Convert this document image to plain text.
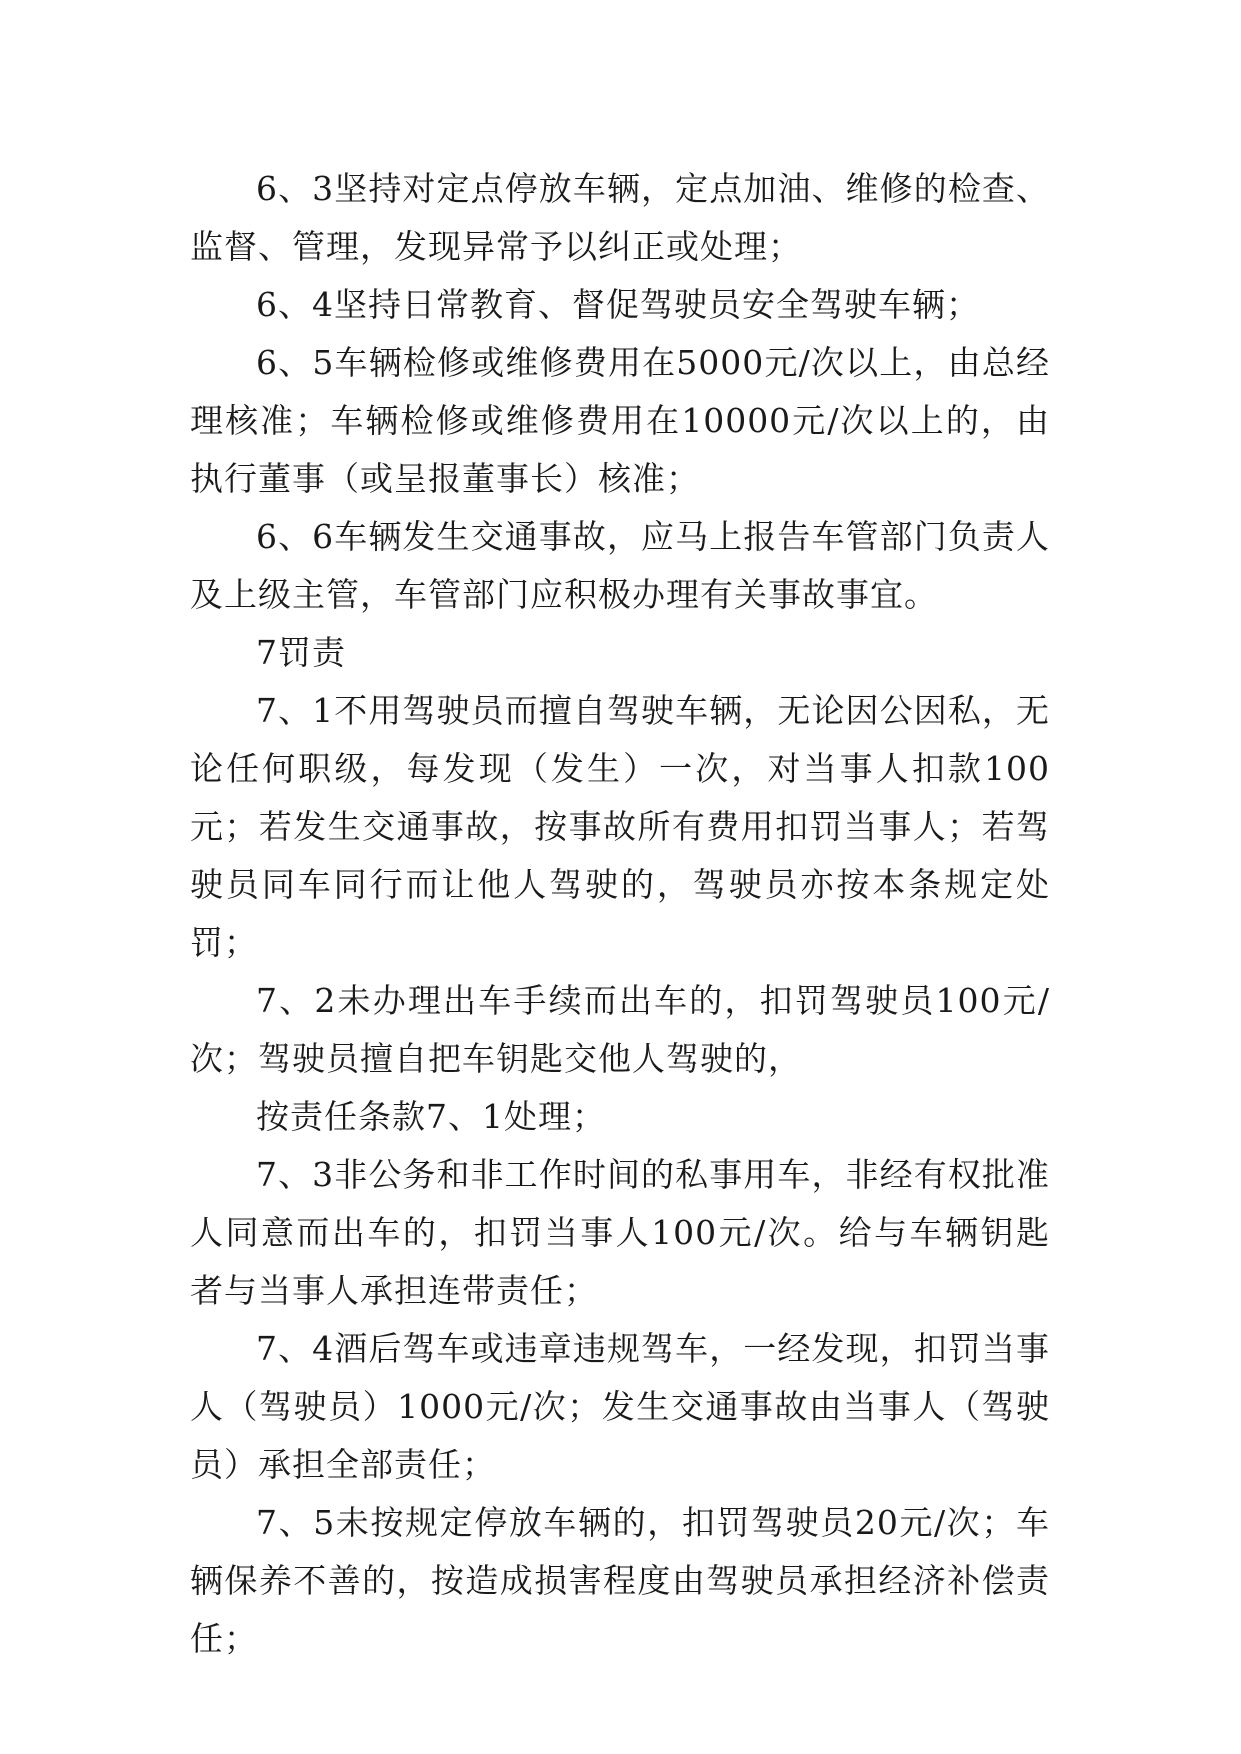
6、3坚持对定点停放车辆，定点加油、维修的检查、监督、管理，发现异常予以纠正或处理；

6、4坚持日常教育、督促驾驶员安全驾驶车辆；

6、5车辆检修或维修费用在5000元/次以上，由总经理核准；车辆检修或维修费用在10000元/次以上的，由执行董事（或呈报董事长）核准；

6、6车辆发生交通事故，应马上报告车管部门负责人及上级主管，车管部门应积极办理有关事故事宜。

7罚责

7、1不用驾驶员而擅自驾驶车辆，无论因公因私，无论任何职级，每发现（发生）一次，对当事人扣款100元；若发生交通事故，按事故所有费用扣罚当事人；若驾驶员同车同行而让他人驾驶的，驾驶员亦按本条规定处罚；

7、2未办理出车手续而出车的，扣罚驾驶员100元/次；驾驶员擅自把车钥匙交他人驾驶的，

按责任条款7、1处理；

7、3非公务和非工作时间的私事用车，非经有权批准人同意而出车的，扣罚当事人100元/次。给与车辆钥匙者与当事人承担连带责任；

7、4酒后驾车或违章违规驾车，一经发现，扣罚当事人（驾驶员）1000元/次；发生交通事故由当事人（驾驶员）承担全部责任；

7、5未按规定停放车辆的，扣罚驾驶员20元/次；车辆保养不善的，按造成损害程度由驾驶员承担经济补偿责任；
